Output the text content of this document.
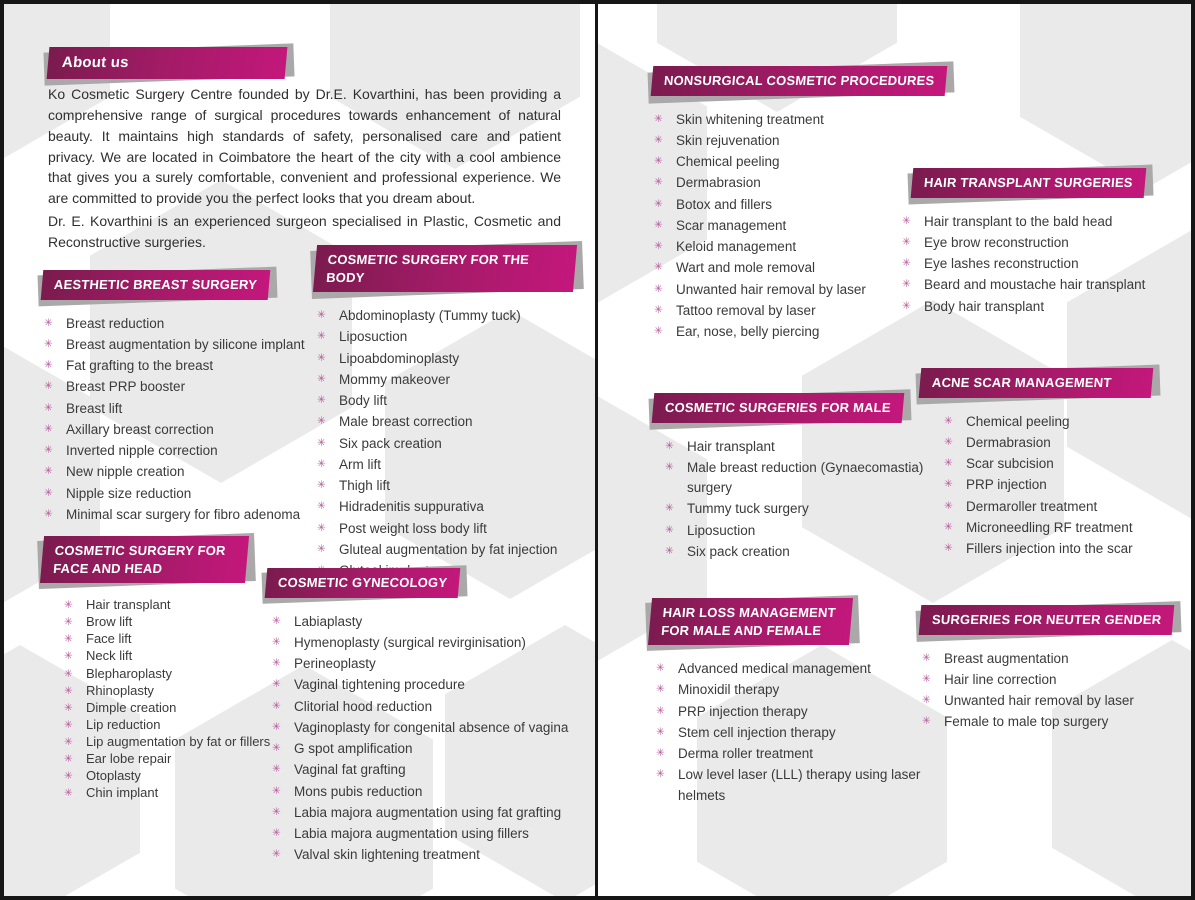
About us
Ko Cosmetic Surgery Centre founded by Dr.E. Kovarthini, has been providing a comprehensive range of surgical procedures towards enhancement of natural beauty. It maintains high standards of safety, personalised care and patient privacy. We are located in Coimbatore the heart of the city with a cool ambience that gives you a surely comfortable, convenient and professional experience. We are committed to provide you the perfect looks that you dream about.
Dr. E. Kovarthini is an experienced surgeon specialised in Plastic, Cosmetic and Reconstructive surgeries.
AESTHETIC BREAST SURGERY
✳ Breast reduction
✳ Breast augmentation by silicone implant
✳ Fat grafting to the breast
✳ Breast PRP booster
✳ Breast lift
✳ Axillary breast correction
✳ Inverted nipple correction
✳ New nipple creation
✳ Nipple size reduction
✳ Minimal scar surgery for fibro adenoma
COSMETIC SURGERY FOR
FACE AND HEAD
✳ Hair transplant
✳ Brow lift
✳ Face lift
✳ Neck lift
✳ Blepharoplasty
✳ Rhinoplasty
✳ Dimple creation
✳ Lip reduction
✳ Lip augmentation by fat or fillers
✳ Ear lobe repair
✳ Otoplasty
✳ Chin implant
COSMETIC SURGERY FOR THE BODY
✳ Abdominoplasty (Tummy tuck)
✳ Liposuction
✳ Lipoabdominoplasty
✳ Mommy makeover
✳ Body lift
✳ Male breast correction
✳ Six pack creation
✳ Arm lift
✳ Thigh lift
✳ Hidradenitis suppurativa
✳ Post weight loss body lift
✳ Gluteal augmentation by fat injection
COSMETIC GYNECOLOGY
✳ Labiaplasty
✳ Hymenoplasty (surgical revirginisation)
✳ Perineoplasty
✳ Vaginal tightening procedure
✳ Clitorial hood reduction
✳ Vaginoplasty for congenital absence of vagina
✳ G spot amplification
✳ Vaginal fat grafting
✳ Mons pubis reduction
✳ Labia majora augmentation using fat grafting
✳ Labia majora augmentation using fillers
✳ Valval skin lightening treatment
NONSURGICAL COSMETIC PROCEDURES
✳ Skin whitening treatment
✳ Skin rejuvenation
✳ Chemical peeling
✳ Dermabrasion
✳ Botox and fillers
✳ Scar management
✳ Keloid management
✳ Wart and mole removal
✳ Unwanted hair removal by laser
✳ Tattoo removal by laser
✳ Ear, nose, belly piercing
HAIR TRANSPLANT SURGERIES
✳ Hair transplant to the bald head
✳ Eye brow reconstruction
✳ Eye lashes reconstruction
✳ Beard and moustache hair transplant
✳ Body hair transplant
COSMETIC SURGERIES FOR MALE
✳ Hair transplant
✳ Male breast reduction (Gynaecomastia) surgery
✳ Tummy tuck surgery
✳ Liposuction
✳ Six pack creation
ACNE SCAR MANAGEMENT
✳ Chemical peeling
✳ Dermabrasion
✳ Scar subcision
✳ PRP injection
✳ Dermaroller treatment
✳ Microneedling RF treatment
✳ Fillers injection into the scar
HAIR LOSS MANAGEMENT
FOR MALE AND FEMALE
✳ Advanced medical management
✳ Minoxidil therapy
✳ PRP injection therapy
✳ Stem cell injection therapy
✳ Derma roller treatment
✳ Low level laser (LLL) therapy using laser helmets
SURGERIES FOR NEUTER GENDER
✳ Breast augmentation
✳ Hair line correction
✳ Unwanted hair removal by laser
✳ Female to male top surgery
